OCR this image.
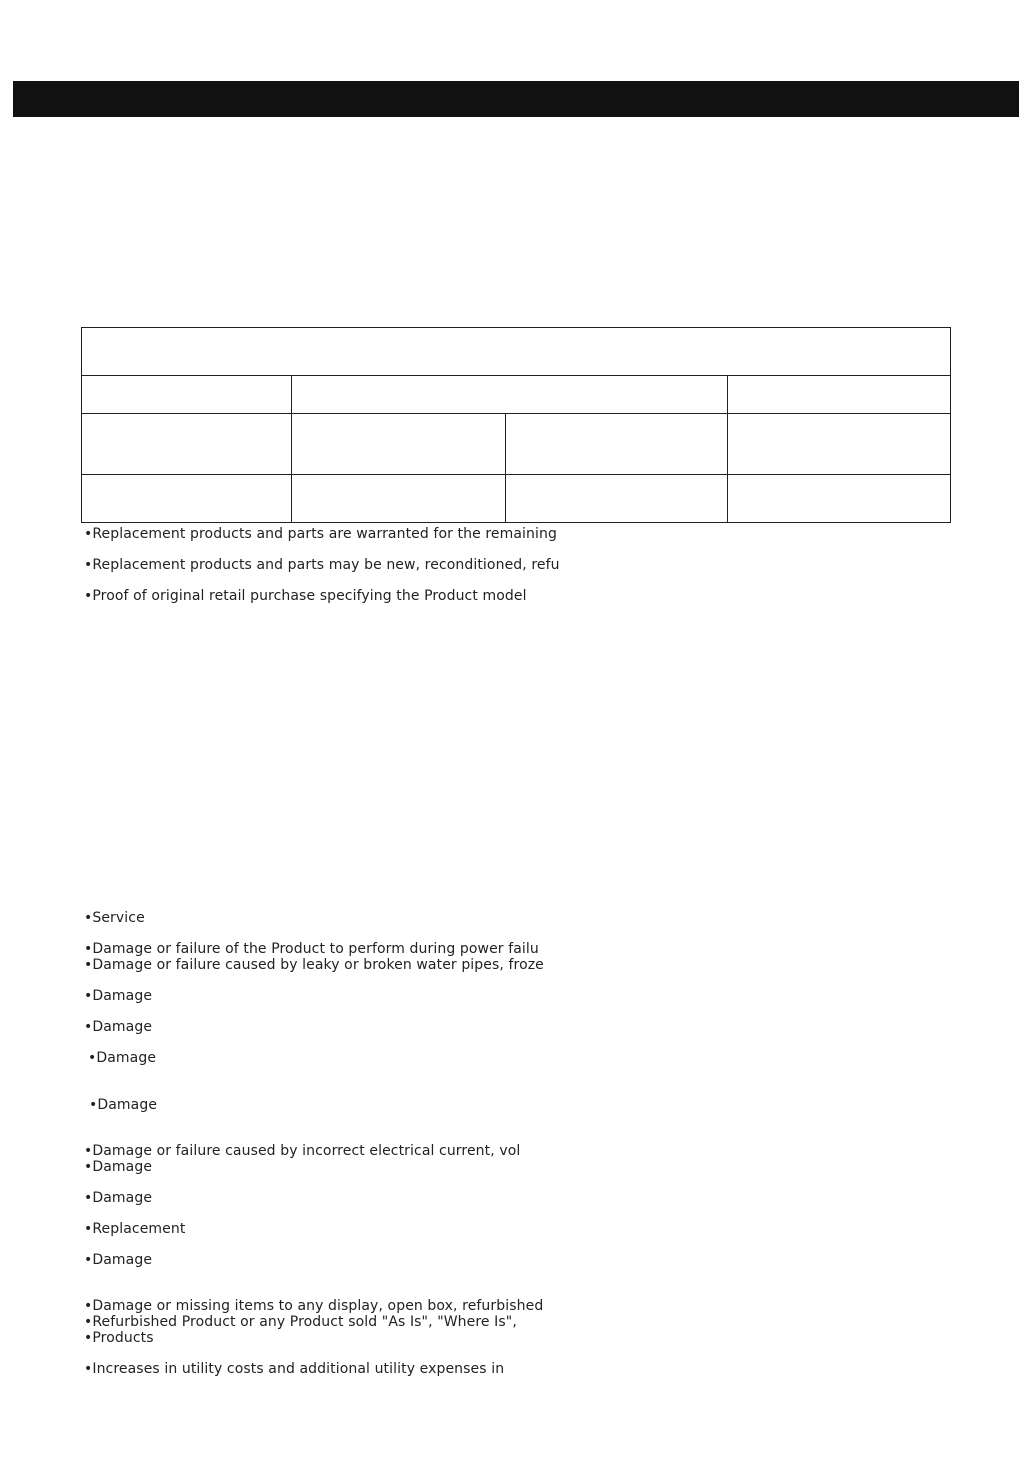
•Replacement products and parts are warranted for the remaining
•Replacement products and parts may be new, reconditioned, refu
•Proof of original retail purchase specifying the Product model
•Service
•Damage or failure of the Product to perform during power failu
•Damage or failure caused by leaky or broken water pipes, froze
•Damage
•Damage
•Damage
•Damage
•Damage or failure caused by incorrect electrical current, vol
•Damage
•Damage
•Replacement
•Damage
•Damage or missing items to any display, open box, refurbished
•Refurbished Product or any Product sold "As Is", "Where Is",
•Products
•Increases in utility costs and additional utility expenses in
